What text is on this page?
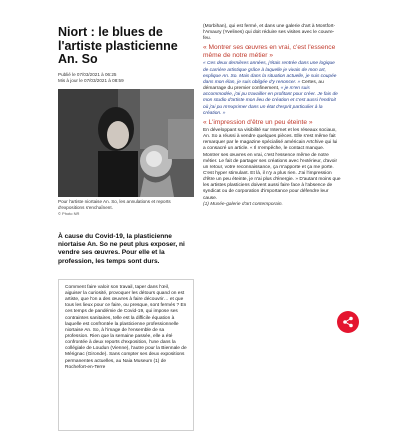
Niort : le blues de l'artiste plasticienne An. So
Publié le 07/03/2021 à 06:25
Mis à jour le 07/03/2021 à 08:59
Pour l'artiste niortaise An. So, les annulations et reports d'expositions s'enchaînent.
© Photo NR
À cause du Covid-19, la plasticienne niortaise An. So ne peut plus exposer, ni vendre ses œuvres. Pour elle et la profession, les temps sont durs.

Comment faire valoir son travail, taper dans l'œil, aiguiser la curiosité, provoquer les détours quand on est artiste, que l'on a des œuvres à faire découvrir… et que tous les lieux pour ce faire, ou presque, sont fermés ? En ces temps de pandémie de Covid-19, qui impose ses contraintes sanitaires, telle est la difficile équation à laquelle est confrontée la plasticienne professionnelle niortaise An. So, à l'image de l'ensemble de sa profession. Rien que la semaine passée, elle a été confrontée à deux reports d'exposition, l'une dans la collégiale de Loudun (Vienne), l'autre pour la Biennale de Mérignac (Gironde). Sans compter ses deux expositions permanentes actuelles, au Naia Museum (1) de Rochefort-en-Terre

(Morbihan), qui est fermé, et dans une galerie d'art à Montfort-l'Amaury (Yvelines) qui doit réduire ses visites avec le couvre-feu.

« Montrer ses œuvres en vrai, c'est l'essence même de notre métier »

« Ces deux dernières années, j'étais rentrée dans une logique de carrière artistique grâce à laquelle je vivais de mon art, explique An. So. Mais dans la situation actuelle, je suis coupée dans mon élan, je suis obligée d'y renoncer. » Certes, au démarrage du premier confinement, « je m'en suis accommodée, j'ai pu travailler en profitant pour créer. Je fais de mon studio d'artiste mon lieu de création et c'est aussi l'endroit où j'ai pu m'exprimer dans un état d'esprit particulier à la création. »

« L'impression d'être un peu éteinte »

En développant sa visibilité sur Internet et les réseaux sociaux, An. So a réussi à vendre quelques pièces. Elle s'est même fait remarquer par le magazine spécialisé américain Artchive qui lui a consacré un article. « Il n'empêche, le contact manque. Montrer ses œuvres en vrai, c'est l'essence même de notre métier. Le fait de partager ses créations avec l'extérieur, d'avoir un retour, votre reconnaissance, ça m'apporte et ça me porte. C'est hyper stimulant. Et là, il n'y a plus rien. J'ai l'impression d'être un peu éteinte, je n'ai plus d'énergie. » D'autant moins que les artistes plasticiens doivent aussi faire face à l'absence de syndicat ou de corporation d'importance pour défendre leur cause.

(1) Musée-galerie d'art contemporain.
